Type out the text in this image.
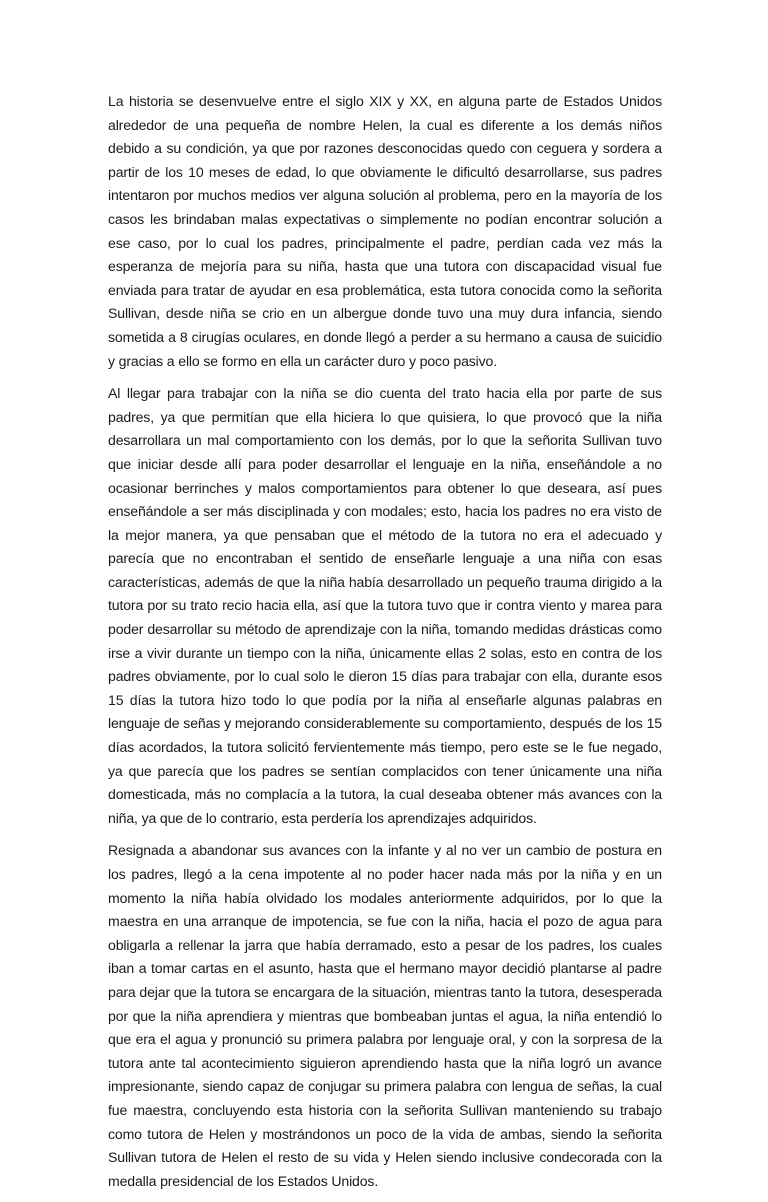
La historia se desenvuelve entre el siglo XIX y XX, en alguna parte de Estados Unidos alrededor de una pequeña de nombre Helen, la cual es diferente a los demás niños debido a su condición, ya que por razones desconocidas quedo con ceguera y sordera a partir de los 10 meses de edad, lo que obviamente le dificultó desarrollarse, sus padres intentaron por muchos medios ver alguna solución al problema, pero en la mayoría de los casos les brindaban malas expectativas o simplemente no podían encontrar solución a ese caso, por lo cual los padres, principalmente el padre, perdían cada vez más la esperanza de mejoría para su niña, hasta que una tutora con discapacidad visual fue enviada para tratar de ayudar en esa problemática, esta tutora conocida como la señorita Sullivan, desde niña se crio en un albergue donde tuvo una muy dura infancia, siendo sometida a 8 cirugías oculares, en donde llegó a perder a su hermano a causa de suicidio y gracias a ello se formo en ella un carácter duro y poco pasivo.

Al llegar para trabajar con la niña se dio cuenta del trato hacia ella por parte de sus padres, ya que permitían que ella hiciera lo que quisiera, lo que provocó que la niña desarrollara un mal comportamiento con los demás, por lo que la señorita Sullivan tuvo que iniciar desde allí para poder desarrollar el lenguaje en la niña, enseñándole a no ocasionar berrinches y malos comportamientos para obtener lo que deseara, así pues enseñándole a ser más disciplinada y con modales; esto, hacia los padres no era visto de la mejor manera, ya que pensaban que el método de la tutora no era el adecuado y parecía que no encontraban el sentido de enseñarle lenguaje a una niña con esas características, además de que la niña había desarrollado un pequeño trauma dirigido a la tutora por su trato recio hacia ella, así que la tutora tuvo que ir contra viento y marea para poder desarrollar su método de aprendizaje con la niña, tomando medidas drásticas como irse a vivir durante un tiempo con la niña, únicamente ellas 2 solas, esto en contra de los padres obviamente, por lo cual solo le dieron 15 días para trabajar con ella, durante esos 15 días la tutora hizo todo lo que podía por la niña al enseñarle algunas palabras en lenguaje de señas y mejorando considerablemente su comportamiento, después de los 15 días acordados, la tutora solicitó fervientemente más tiempo, pero este se le fue negado, ya que parecía que los padres se sentían complacidos con tener únicamente una niña domesticada, más no complacía a la tutora, la cual deseaba obtener más avances con la niña, ya que de lo contrario, esta perdería los aprendizajes adquiridos.

Resignada a abandonar sus avances con la infante y al no ver un cambio de postura en los padres, llegó a la cena impotente al no poder hacer nada más por la niña y en un momento la niña había olvidado los modales anteriormente adquiridos, por lo que la maestra en una arranque de impotencia, se fue con la niña, hacia el pozo de agua para obligarla a rellenar la jarra que había derramado, esto a pesar de los padres, los cuales iban a tomar cartas en el asunto, hasta que el hermano mayor decidió plantarse al padre para dejar que la tutora se encargara de la situación, mientras tanto la tutora, desesperada por que la niña aprendiera y mientras que bombeaban juntas el agua, la niña entendió lo que era el agua y pronunció su primera palabra por lenguaje oral, y con la sorpresa de la tutora ante tal acontecimiento siguieron aprendiendo hasta que la niña logró un avance impresionante, siendo capaz de conjugar su primera palabra con lengua de señas, la cual fue maestra, concluyendo esta historia con la señorita Sullivan manteniendo su trabajo como tutora de Helen y mostrándonos un poco de la vida de ambas, siendo la señorita Sullivan tutora de Helen el resto de su vida y Helen siendo inclusive condecorada con la medalla presidencial de los Estados Unidos.
